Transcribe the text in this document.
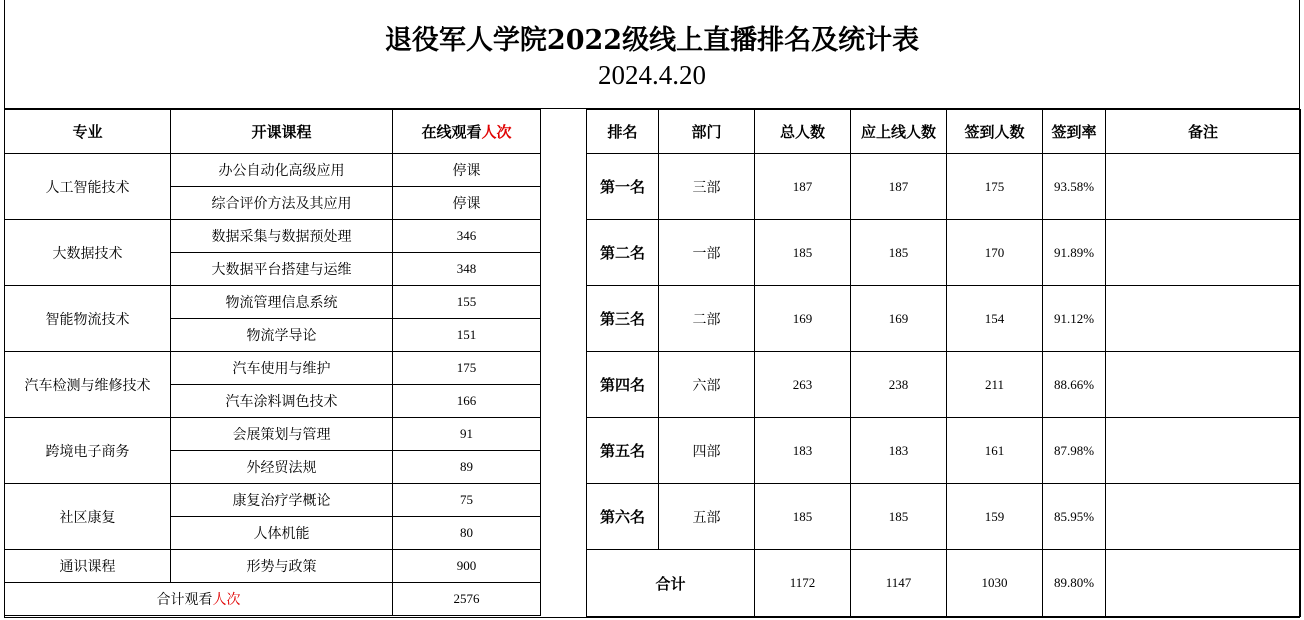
退役军人学院2022级线上直播排名及统计表
2024.4.20
专业	开课课程	在线观看人次
人工智能技术	办公自动化高级应用	停课
	综合评价方法及其应用	停课
大数据技术	数据采集与数据预处理	346
	大数据平台搭建与运维	348
智能物流技术	物流管理信息系统	155
	物流学导论	151
汽车检测与维修技术	汽车使用与维护	175
	汽车涂料调色技术	166
跨境电子商务	会展策划与管理	91
	外经贸法规	89
社区康复	康复治疗学概论	75
	人体机能	80
通识课程	形势与政策	900
合计观看人次		2576
排名	部门	总人数	应上线人数	签到人数	签到率	备注
第一名	三部	187	187	175	93.58%	
第二名	一部	185	185	170	91.89%	
第三名	二部	169	169	154	91.12%	
第四名	六部	263	238	211	88.66%	
第五名	四部	183	183	161	87.98%	
第六名	五部	185	185	159	85.95%	
合计		1172	1147	1030	89.80%	
